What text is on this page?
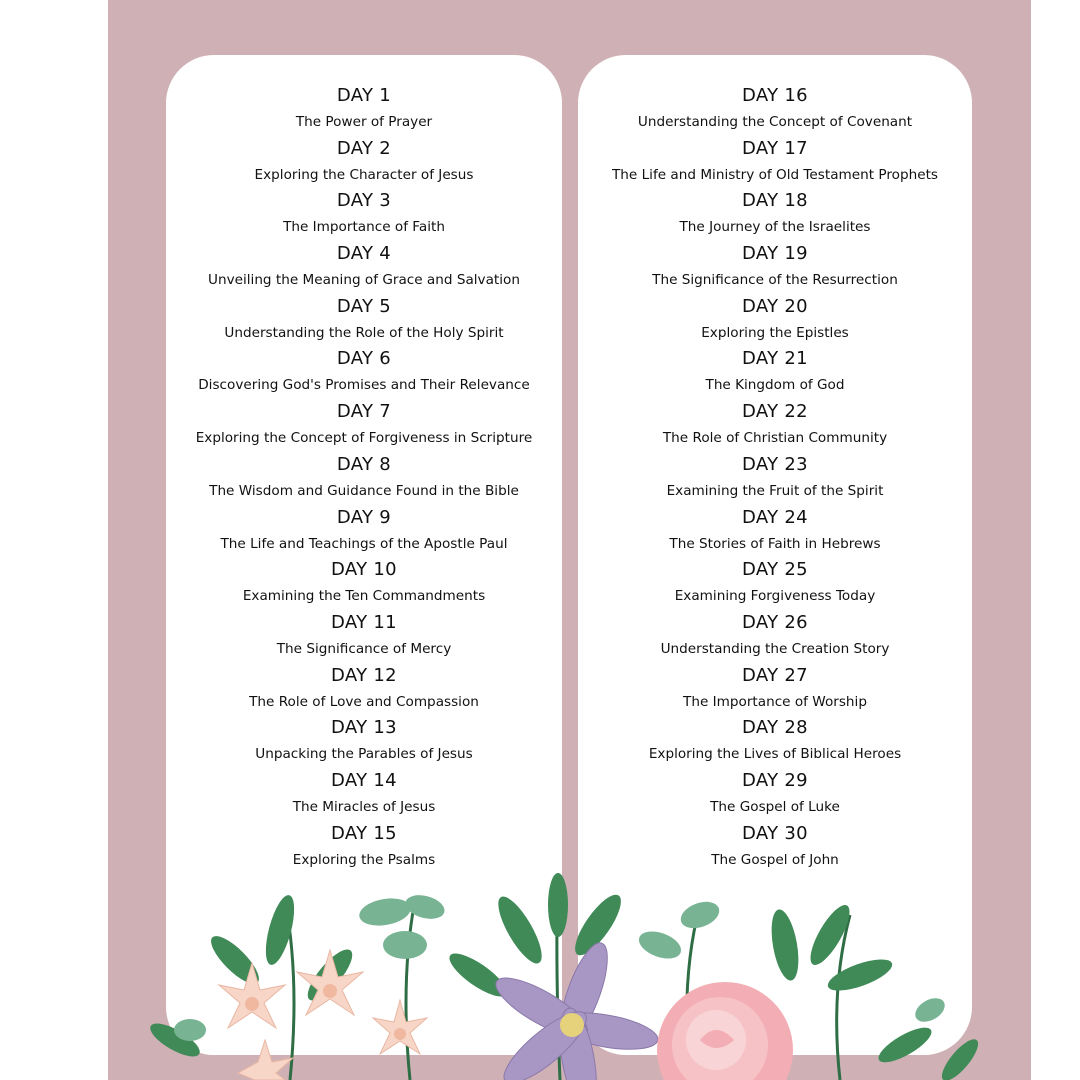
DAY 1
The Power of Prayer
DAY 2
Exploring the Character of Jesus
DAY 3
The Importance of Faith
DAY 4
Unveiling the Meaning of Grace and Salvation
DAY 5
Understanding the Role of the Holy Spirit
DAY 6
Discovering God's Promises and Their Relevance
DAY 7
Exploring the Concept of Forgiveness in Scripture
DAY 8
The Wisdom and Guidance Found in the Bible
DAY 9
The Life and Teachings of the Apostle Paul
DAY 10
Examining the Ten Commandments
DAY 11
The Significance of Mercy
DAY 12
The Role of Love and Compassion
DAY 13
Unpacking the Parables of Jesus
DAY 14
The Miracles of Jesus
DAY 15
Exploring the Psalms
DAY 16
Understanding the Concept of Covenant
DAY 17
The Life and Ministry of Old Testament Prophets
DAY 18
The Journey of the Israelites
DAY 19
The Significance of the Resurrection
DAY 20
Exploring the Epistles
DAY 21
The Kingdom of God
DAY 22
The Role of Christian Community
DAY 23
Examining the Fruit of the Spirit
DAY 24
The Stories of Faith in Hebrews
DAY 25
Examining Forgiveness Today
DAY 26
Understanding the Creation Story
DAY 27
The Importance of Worship
DAY 28
Exploring the Lives of Biblical Heroes
DAY 29
The Gospel of Luke
DAY 30
The Gospel of John
